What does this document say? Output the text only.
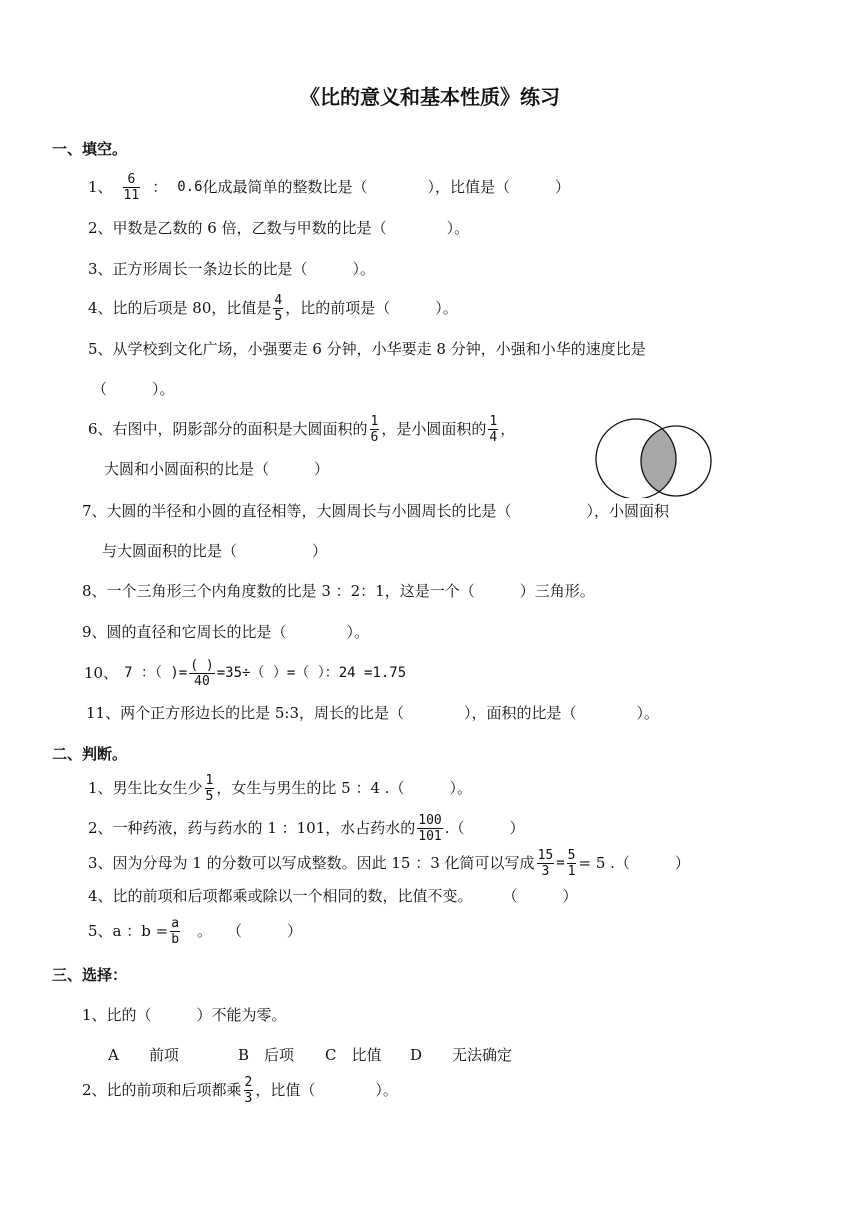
《比的意义和基本性质》练习
一、填空。
1、 $\frac{6}{11}$ ： 0.6 化成最简单的整数比是（　　　　），比值是（　　　）
2、甲数是乙数的 6 倍，乙数与甲数的比是（　　　　）。
3、正方形周长一条边长的比是（　　　）。
4、比的后项是 80，比值是 $\frac{4}{5}$ ，比的前项是（　　　）。
5、从学校到文化广场，小强要走 6 分钟，小华要走 8 分钟，小强和小华的速度比是
（　　　）。
6、右图中，阴影部分的面积是大圆面积的 $\frac{1}{6}$ ，是小圆面积的 $\frac{1}{4}$ ，
大圆和小圆面积的比是（　　　）
7、大圆的半径和小圆的直径相等，大圆周长与小圆周长的比是（　　　　　），小圆面积
与大圆面积的比是（　　　　　）
8、一个三角形三个内角度数的比是 3 ：2：1，这是一个（　　　）三角形。
9、圆的直径和它周长的比是（　　　　）。
10、 7 ：（ )= $\frac{( )}{40} =35\div$（ ）=（ ）：24 =1.75
11、两个正方形边长的比是 5:3，周长的比是（　　　　），面积的比是（　　　　）。
二、判断。
1、男生比女生少 $\frac{1}{5}$ ，女生与男生的比 5 ：4 .（　　　）。
2、一种药液，药与药水的 1 ：101，水占药水的 $\frac{100}{101}$ .（　　　）
3、因为分母为 1 的分数可以写成整数。因此 15 ：3 化简可以写成 $\frac{15}{3} = \frac{5}{1} = 5$ .（　　　）
4、比的前项和后项都乘或除以一个相同的数，比值不变。　　　（　　　）
5、a ：$b = \frac{a}{b}$ 　。　　（　　　）
三、选择：
1、比的（　　　）不能为零。
A　　前项	B　后项 C　比值 D　　无法确定
2、比的前项和后项都乘 $\frac{2}{3}$ ，比值（　　　　）。
